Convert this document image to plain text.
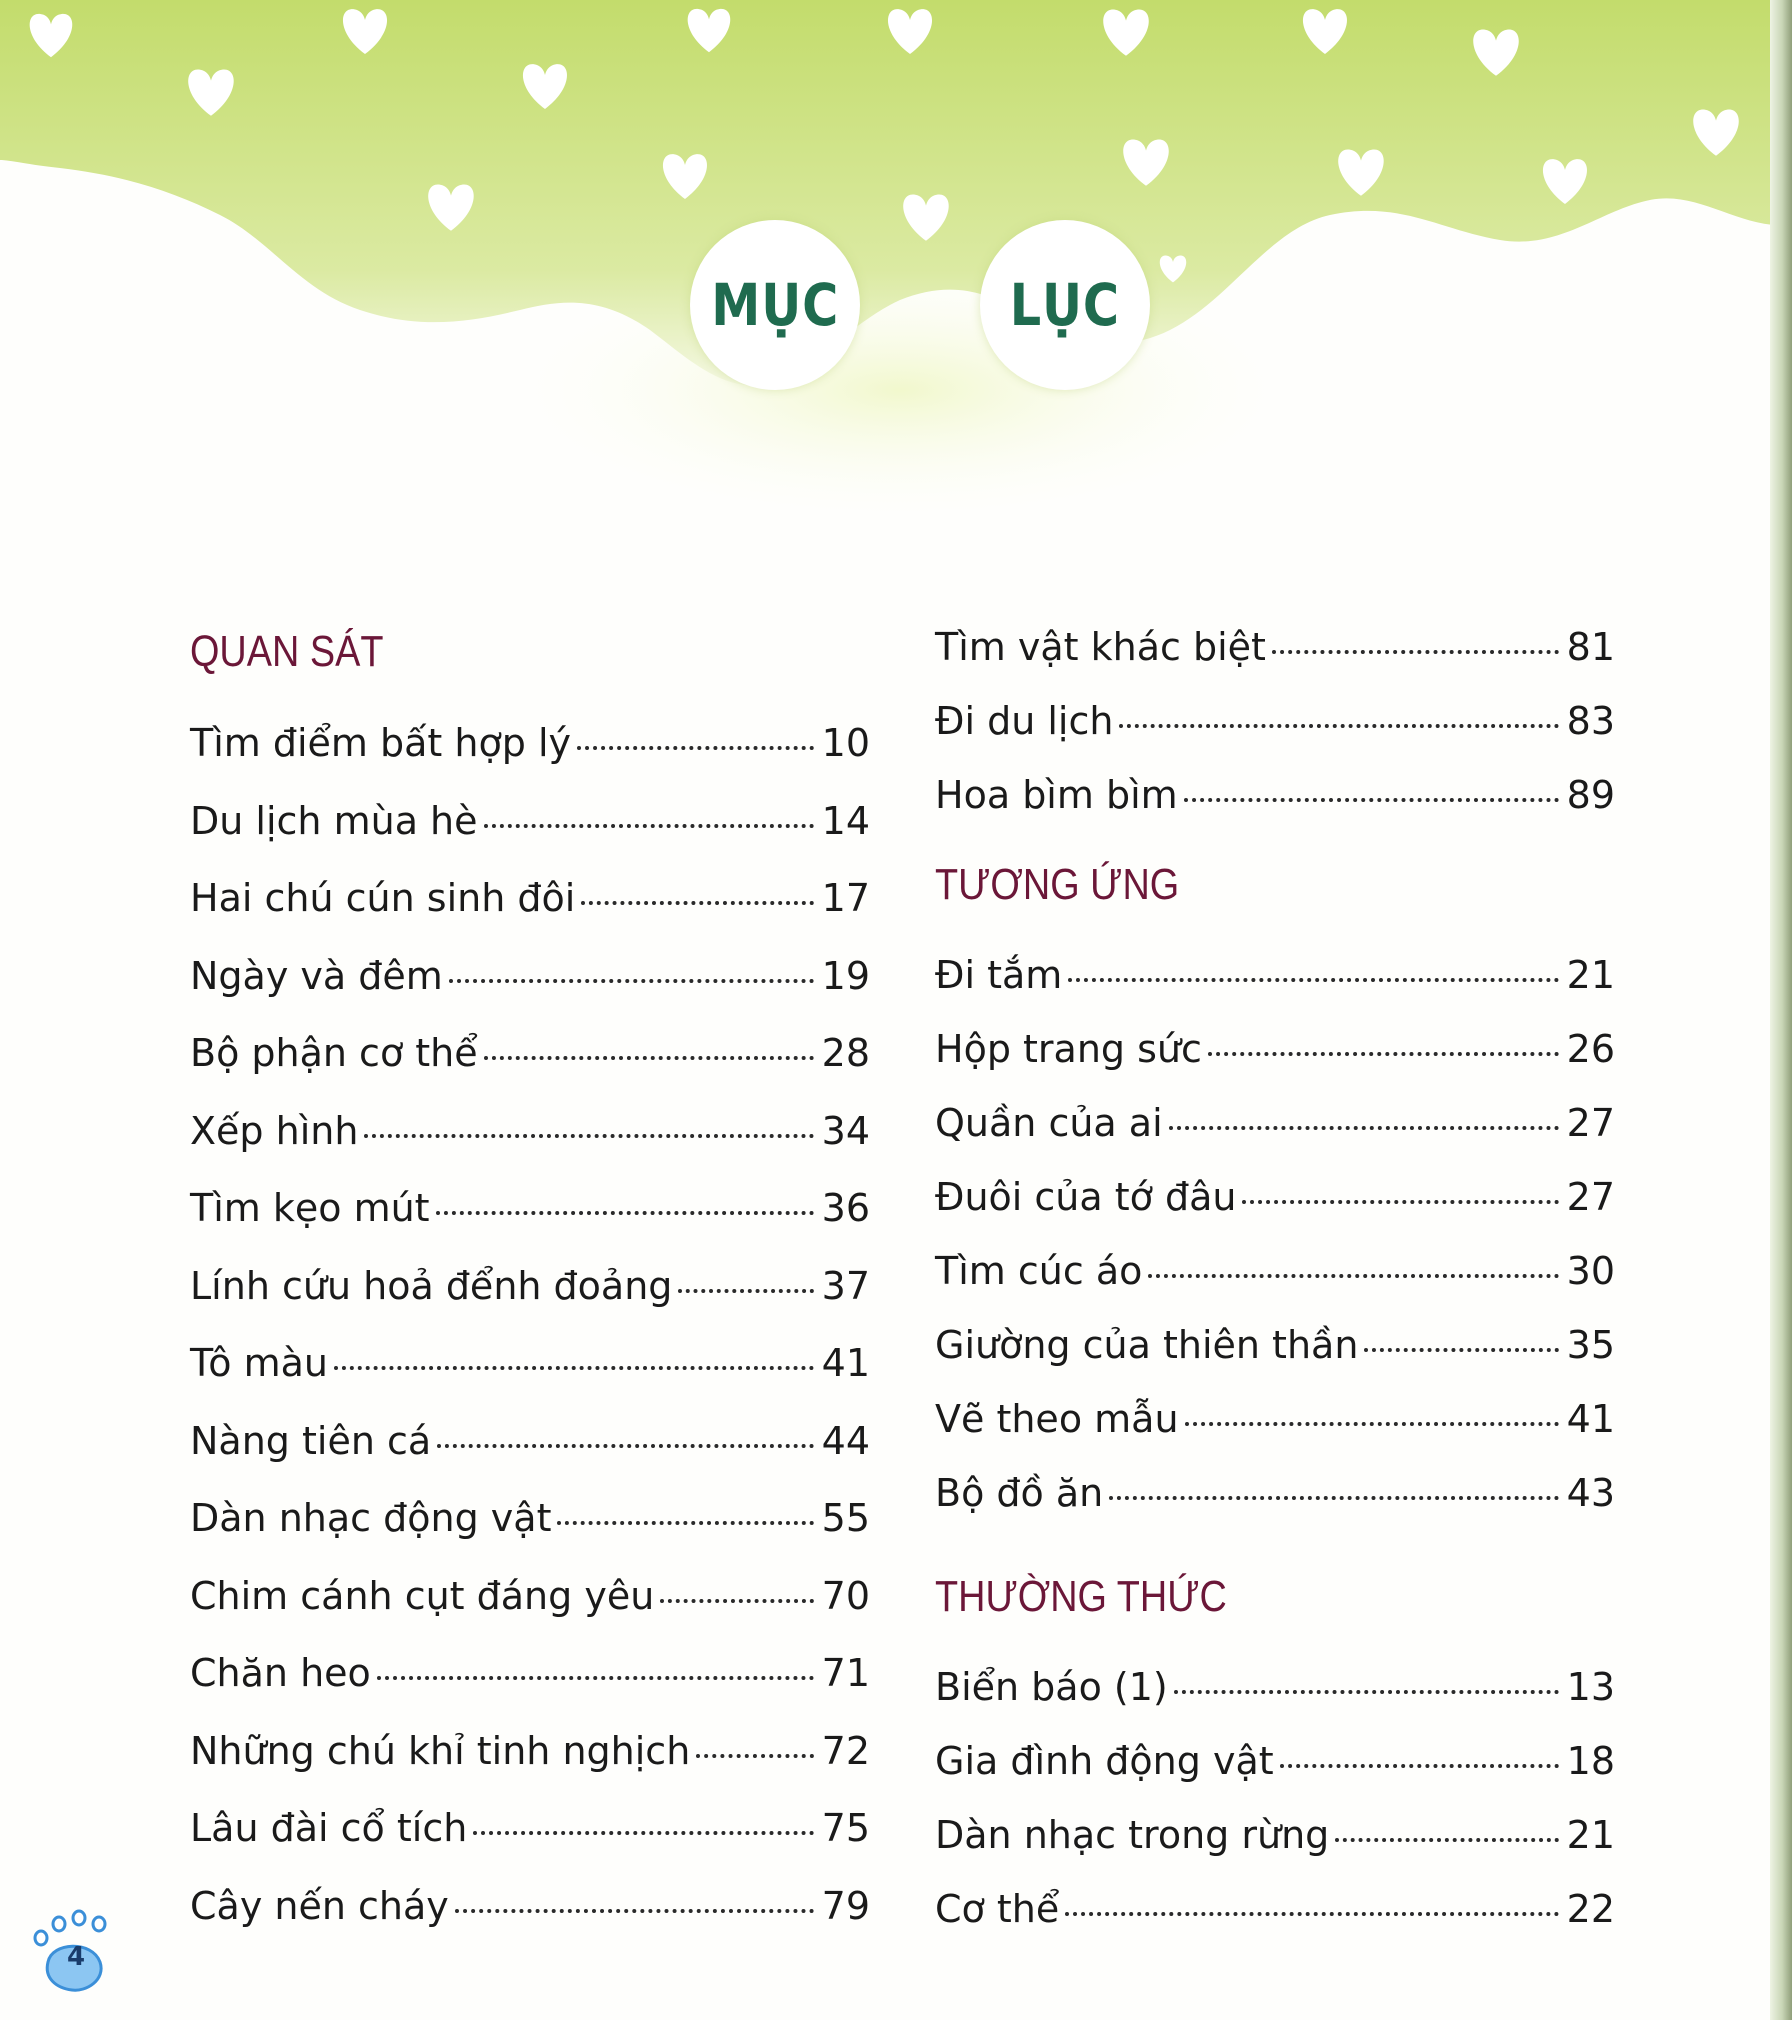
MỤC	LỤC
QUAN SÁT
Tìm điểm bất hợp lý	10
Du lịch mùa hè	14
Hai chú cún sinh đôi	17
Ngày và đêm	19
Bộ phận cơ thể	28
Xếp hình	34
Tìm kẹo mút	36
Lính cứu hoả đểnh đoảng	37
Tô màu	41
Nàng tiên cá	44
Dàn nhạc động vật	55
Chim cánh cụt đáng yêu	70
Chăn heo	71
Những chú khỉ tinh nghịch	72
Lâu đài cổ tích	75
Cây nến cháy	79
Tìm vật khác biệt	81
Đi du lịch	83
Hoa bìm bìm	89
TƯƠNG ỨNG
Đi tắm	21
Hộp trang sức	26
Quần của ai	27
Đuôi của tớ đâu	27
Tìm cúc áo	30
Giường của thiên thần	35
Vẽ theo mẫu	41
Bộ đồ ăn	43
THƯỜNG THỨC
Biển báo (1)	13
Gia đình động vật	18
Dàn nhạc trong rừng	21
Cơ thể	22
4
